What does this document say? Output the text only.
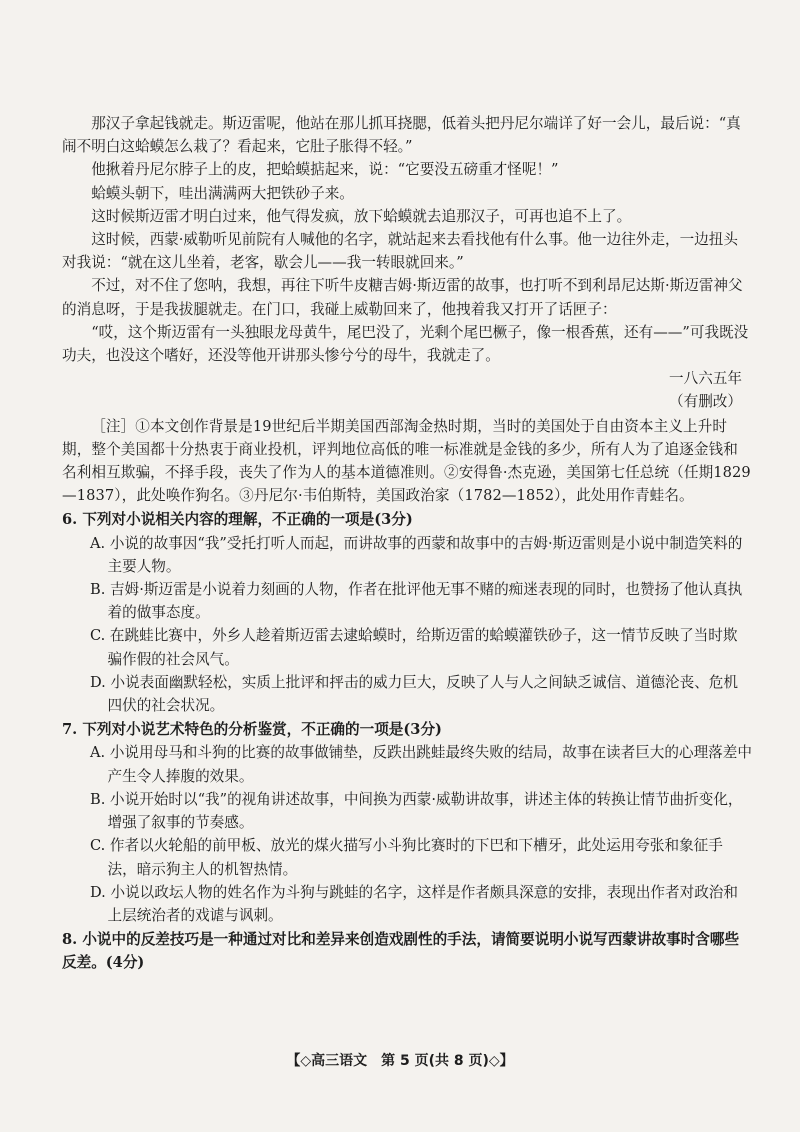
那汉子拿起钱就走。斯迈雷呢，他站在那儿抓耳挠腮，低着头把丹尼尔端详了好一会儿，最后说：“真闹不明白这蛤蟆怎么栽了？看起来，它肚子胀得不轻。”

他揪着丹尼尔脖子上的皮，把蛤蟆掂起来，说：“它要没五磅重才怪呢！”

蛤蟆头朝下，哇出满满两大把铁砂子来。

这时候斯迈雷才明白过来，他气得发疯，放下蛤蟆就去追那汉子，可再也追不上了。

这时候，西蒙·威勒听见前院有人喊他的名字，就站起来去看找他有什么事。他一边往外走，一边扭头对我说：“就在这儿坐着，老客，歇会儿——我一转眼就回来。”

不过，对不住了您呐，我想，再往下听牛皮糖吉姆·斯迈雷的故事，也打听不到利昂尼达斯·斯迈雷神父的消息呀，于是我拔腿就走。在门口，我碰上威勒回来了，他拽着我又打开了话匣子：

“哎，这个斯迈雷有一头独眼龙母黄牛，尾巴没了，光剩个尾巴橛子，像一根香蕉，还有——”可我既没功夫，也没这个嗜好，还没等他开讲那头惨兮兮的母牛，我就走了。

一八六五年

（有删改）

［注］①本文创作背景是19世纪后半期美国西部淘金热时期，当时的美国处于自由资本主义上升时期，整个美国都十分热衷于商业投机，评判地位高低的唯一标准就是金钱的多少，所有人为了追逐金钱和名利相互欺骗，不择手段，丧失了作为人的基本道德准则。②安得鲁·杰克逊，美国第七任总统（任期1829—1837），此处唤作狗名。③丹尼尔·韦伯斯特，美国政治家（1782—1852），此处用作青蛙名。

6. 下列对小说相关内容的理解，不正确的一项是(3分)

A. 小说的故事因“我”受托打听人而起，而讲故事的西蒙和故事中的吉姆·斯迈雷则是小说中制造笑料的主要人物。

B. 吉姆·斯迈雷是小说着力刻画的人物，作者在批评他无事不赌的痴迷表现的同时，也赞扬了他认真执着的做事态度。

C. 在跳蛙比赛中，外乡人趁着斯迈雷去逮蛤蟆时，给斯迈雷的蛤蟆灌铁砂子，这一情节反映了当时欺骗作假的社会风气。

D. 小说表面幽默轻松，实质上批评和抨击的威力巨大，反映了人与人之间缺乏诚信、道德沦丧、危机四伏的社会状况。

7. 下列对小说艺术特色的分析鉴赏，不正确的一项是(3分)

A. 小说用母马和斗狗的比赛的故事做铺垫，反跌出跳蛙最终失败的结局，故事在读者巨大的心理落差中产生令人捧腹的效果。

B. 小说开始时以“我”的视角讲述故事，中间换为西蒙·威勒讲故事，讲述主体的转换让情节曲折变化，增强了叙事的节奏感。

C. 作者以火轮船的前甲板、放光的煤火描写小斗狗比赛时的下巴和下槽牙，此处运用夸张和象征手法，暗示狗主人的机智热情。

D. 小说以政坛人物的姓名作为斗狗与跳蛙的名字，这样是作者颇具深意的安排，表现出作者对政治和上层统治者的戏谑与讽刺。

8. 小说中的反差技巧是一种通过对比和差异来创造戏剧性的手法，请简要说明小说写西蒙讲故事时含哪些反差。(4分)

【◇高三语文　第 5 页(共 8 页)◇】
